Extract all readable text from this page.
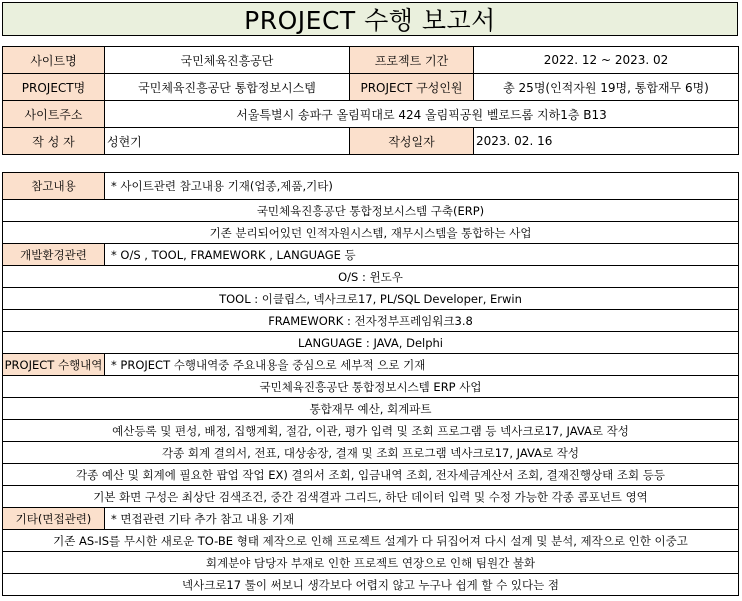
PROJECT 수행 보고서
사이트명	국민체육진흥공단	프로젝트 기간	2022. 12 ~ 2023. 02
PROJECT명	국민체육진흥공단 통합정보시스템	PROJECT 구성인원	총 25명(인적자원 19명, 통합재무 6명)
사이트주소	서울특별시 송파구 올림픽대로 424 올림픽공원 벨로드롬 지하1층 B13		
작 성 자	성현기	작성일자	2023. 02. 16
참고내용	* 사이트관련 참고내용 기재(업종,제품,기타)
국민체육진흥공단 통합정보시스템 구축(ERP)	
기존 분리되어있던 인적자원시스템, 재무시스템을 통합하는 사업	
개발환경관련	* O/S , TOOL, FRAMEWORK , LANGUAGE 등
O/S : 윈도우	
TOOL : 이클립스, 넥사크로17, PL/SQL Developer, Erwin	
FRAMEWORK : 전자정부프레임워크3.8	
LANGUAGE : JAVA, Delphi	
PROJECT 수행내역	* PROJECT 수행내역중 주요내용을 중심으로 세부적 으로 기재
국민체육진흥공단 통합정보시스템 ERP 사업	
통합재무 예산, 회계파트	
예산등록 및 편성, 배정, 집행계획, 절감, 이관, 평가 입력 및 조회 프로그램 등 넥사크로17, JAVA로 작성	
각종 회계 결의서, 전표, 대상송장, 결재 및 조회 프로그램 넥사크로17, JAVA로 작성	
각종 예산 및 회계에 필요한 팝업 작업 EX) 결의서 조회, 입금내역 조회, 전자세금계산서 조회, 결재진행상태 조회 등등	
기본 화면 구성은 최상단 검색조건, 중간 검색결과 그리드, 하단 데이터 입력 및 수정 가능한 각종 콤포넌트 영역	
기타(면접관련)	* 면접관련 기타 추가 참고 내용 기재
기존 AS-IS를 무시한 새로운 TO-BE 형태 제작으로 인해 프로젝트 설계가 다 뒤집어져 다시 설계 및 분석, 제작으로 인한 이중고	
회계분야 담당자 부재로 인한 프로젝트 연장으로 인해 팀원간 불화	
넥사크로17 툴이 써보니 생각보다 어렵지 않고 누구나 쉽게 할 수 있다는 점	
